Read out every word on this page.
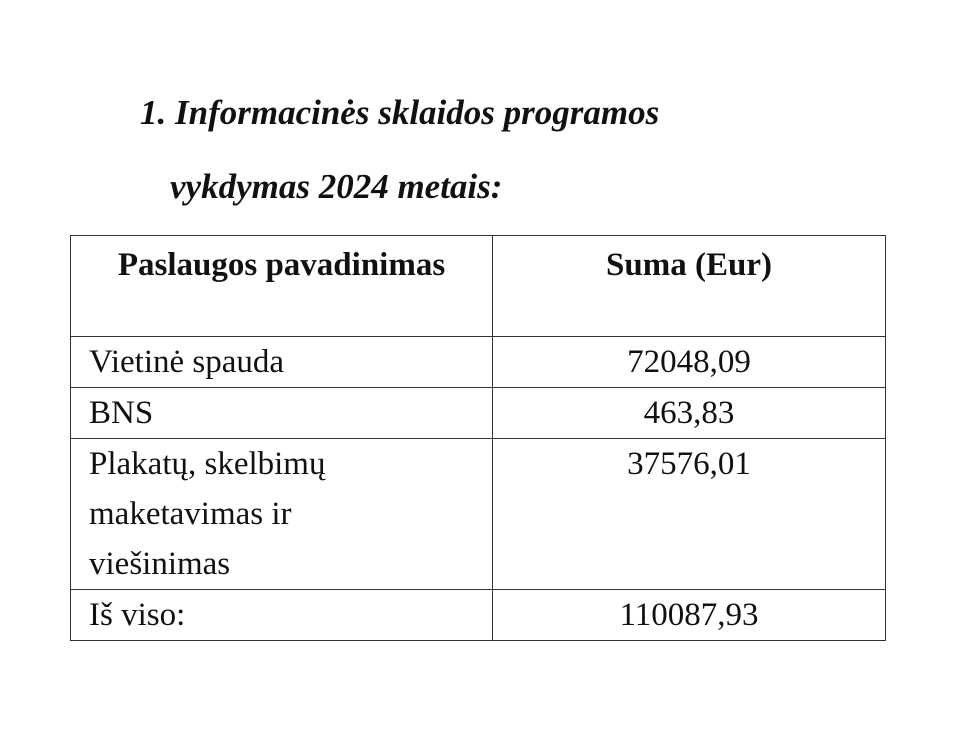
1. Informacinės sklaidos programos

vykdymas 2024 metais:

Paslaugos pavadinimas	Suma (Eur)

Vietinė spauda	72048,09
BNS	463,83
Plakatų, skelbimų maketavimas ir viešinimas	37576,01
Iš viso:	110087,93
